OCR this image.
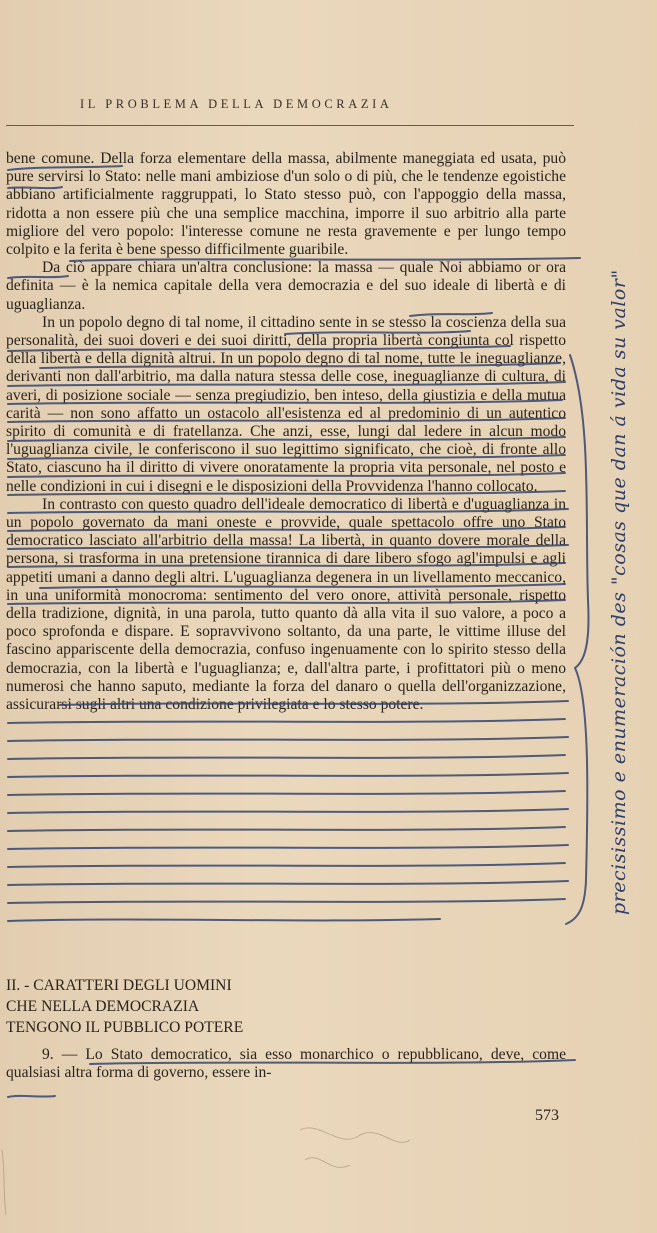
IL PROBLEMA DELLA DEMOCRAZIA

bene comune. Della forza elementare della massa, abilmente maneggiata ed usata, può pure servirsi lo Stato: nelle mani ambiziose d'un solo o di più, che le tendenze egoistiche abbiano artificialmente raggruppati, lo Stato stesso può, con l'appoggio della massa, ridotta a non essere più che una semplice macchina, imporre il suo arbitrio alla parte migliore del vero popolo: l'interesse comune ne resta gravemente e per lungo tempo colpito e la ferita è bene spesso difficilmente guaribile.

Da ciò appare chiara un'altra conclusione: la massa — quale Noi abbiamo or ora definita — è la nemica capitale della vera democrazia e del suo ideale di libertà e di uguaglianza.

In un popolo degno di tal nome, il cittadino sente in se stesso la coscienza della sua personalità, dei suoi doveri e dei suoi diritti, della propria libertà congiunta col rispetto della libertà e della dignità altrui. In un popolo degno di tal nome, tutte le ineguaglianze, derivanti non dall'arbitrio, ma dalla natura stessa delle cose, ineguaglianze di cultura, di averi, di posizione sociale — senza pregiudizio, ben inteso, della giustizia e della mutua carità — non sono affatto un ostacolo all'esistenza ed al predominio di un autentico spirito di comunità e di fratellanza. Che anzi, esse, lungi dal ledere in alcun modo l'uguaglianza civile, le conferiscono il suo legittimo significato, che cioè, di fronte allo Stato, ciascuno ha il diritto di vivere onoratamente la propria vita personale, nel posto e nelle condizioni in cui i disegni e le disposizioni della Provvidenza l'hanno collocato.

In contrasto con questo quadro dell'ideale democratico di libertà e d'uguaglianza in un popolo governato da mani oneste e provvide, quale spettacolo offre uno Stato democratico lasciato all'arbitrio della massa! La libertà, in quanto dovere morale della persona, si trasforma in una pretensione tirannica di dare libero sfogo agl'impulsi e agli appetiti umani a danno degli altri. L'uguaglianza degenera in un livellamento meccanico, in una uniformità monocroma: sentimento del vero onore, attività personale, rispetto della tradizione, dignità, in una parola, tutto quanto dà alla vita il suo valore, a poco a poco sprofonda e dispare. E sopravvivono soltanto, da una parte, le vittime illuse del fascino appariscente della democrazia, confuso ingenuamente con lo spirito stesso della democrazia, con la libertà e l'uguaglianza; e, dall'altra parte, i profittatori più o meno numerosi che hanno saputo, mediante la forza del danaro o quella dell'organizzazione, assicurarsi sugli altri una condizione privilegiata e lo stesso potere.

II. - CARATTERI DEGLI UOMINI
CHE NELLA DEMOCRAZIA
TENGONO IL PUBBLICO POTERE
9. — Lo Stato democratico, sia esso monarchico o repubblicano, deve, come qualsiasi altra forma di governo, essere in-
573
precisissimo e enumeración des "cosas que dan á vida su valor"
